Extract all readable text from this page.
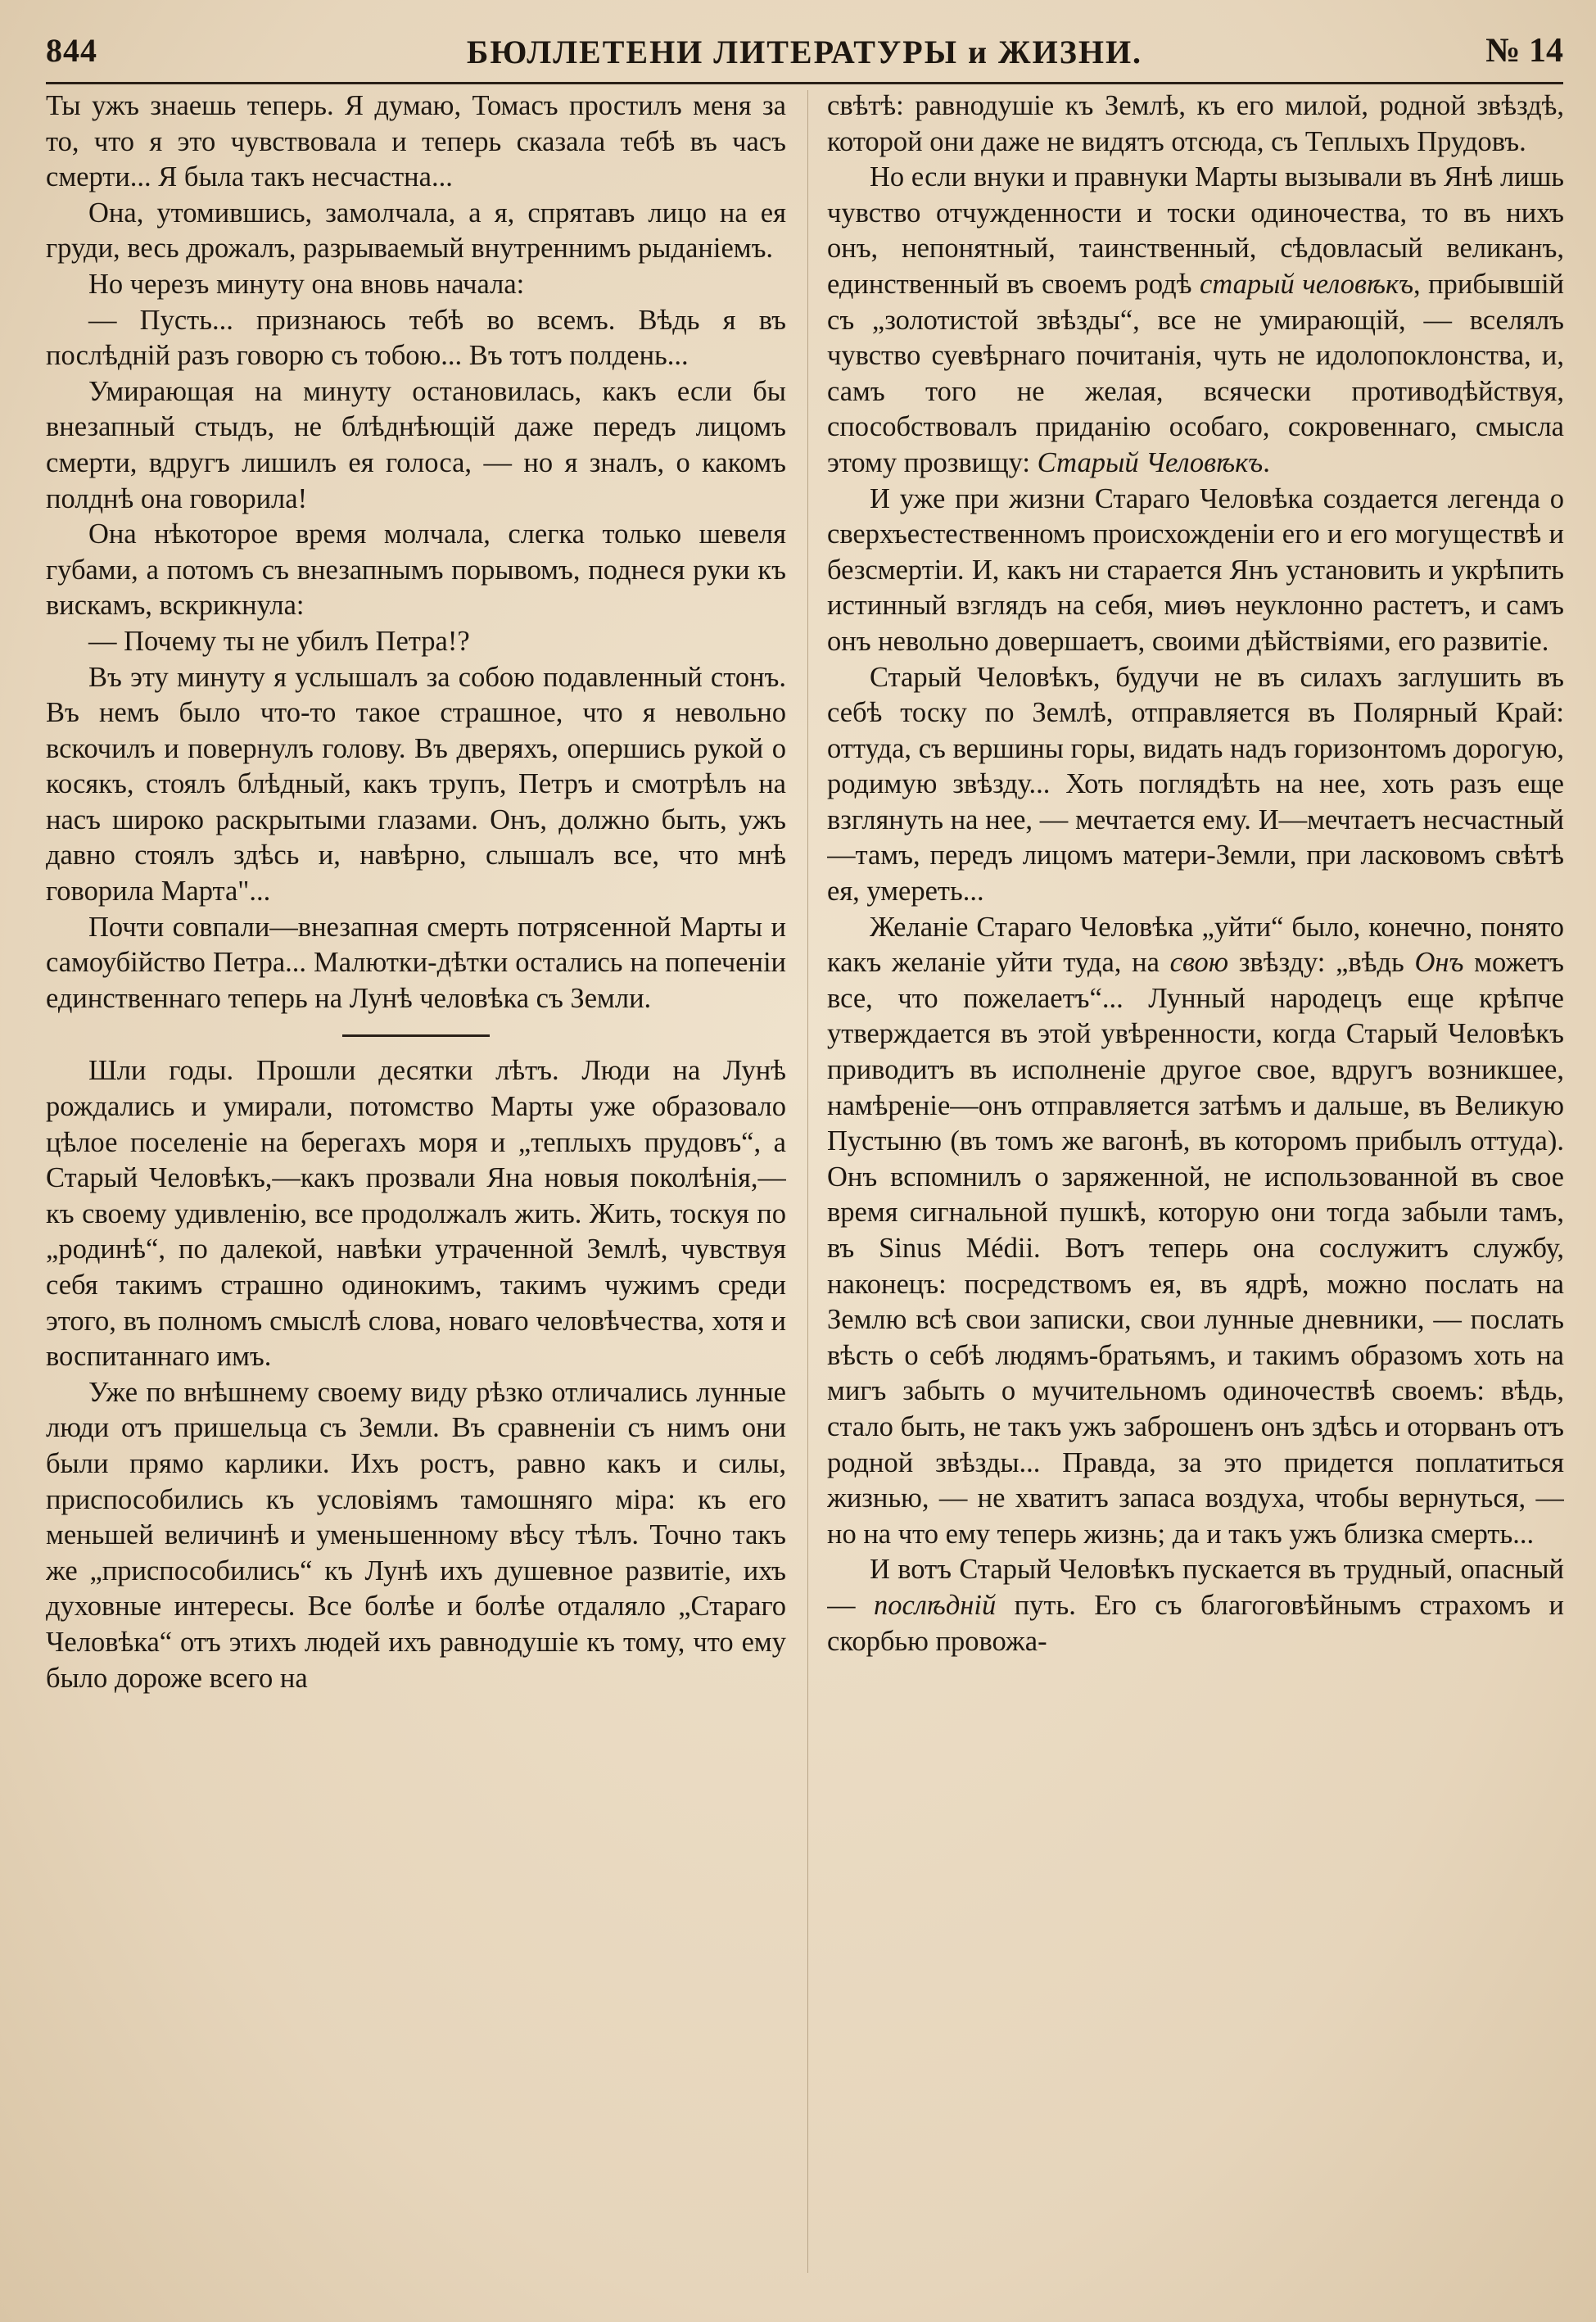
844	БЮЛЛЕТЕНИ ЛИТЕРАТУРЫ и ЖИЗНИ.	№ 14

Ты ужъ знаешь теперь. Я думаю, Томасъ простилъ меня за то, что я это чувствовала и теперь сказала тебѣ въ часъ смерти... Я была такъ несчастна...

Она, утомившись, замолчала, а я, спрятавъ лицо на ея груди, весь дрожалъ, разрываемый внутреннимъ рыданіемъ.

Но черезъ минуту она вновь начала:

— Пусть... признаюсь тебѣ во всемъ. Вѣдь я въ послѣдній разъ говорю съ тобою... Въ тотъ полдень...

Умирающая на минуту остановилась, какъ если бы внезапный стыдъ, не блѣднѣющій даже передъ лицомъ смерти, вдругъ лишилъ ея голоса, — но я зналъ, о какомъ полднѣ она говорила!

Она нѣкоторое время молчала, слегка только шевеля губами, а потомъ съ внезапнымъ порывомъ, поднеся руки къ вискамъ, вскрикнула:

— Почему ты не убилъ Петра!?

Въ эту минуту я услышалъ за собою подавленный стонъ. Въ немъ было что-то такое страшное, что я невольно вскочилъ и повернулъ голову. Въ дверяхъ, опершись рукой о косякъ, стоялъ блѣдный, какъ трупъ, Петръ и смотрѣлъ на насъ широко раскрытыми глазами. Онъ, должно быть, ужъ давно стоялъ здѣсь и, навѣрно, слышалъ все, что мнѣ говорила Марта"...

Почти совпали—внезапная смерть потрясенной Марты и самоубійство Петра... Малютки-дѣтки остались на попеченіи единственнаго теперь на Лунѣ человѣка съ Земли.

Шли годы. Прошли десятки лѣтъ. Люди на Лунѣ рождались и умирали, потомство Марты уже образовало цѣлое поселеніе на берегахъ моря и „теплыхъ прудовъ“, а Старый Человѣкъ,—какъ прозвали Яна новыя поколѣнія,—къ своему удивленію, все продолжалъ жить. Жить, тоскуя по „родинѣ“, по далекой, навѣки утраченной Землѣ, чувствуя себя такимъ страшно одинокимъ, такимъ чужимъ среди этого, въ полномъ смыслѣ слова, новаго человѣчества, хотя и воспитаннаго имъ.

Уже по внѣшнему своему виду рѣзко отличались лунные люди отъ пришельца съ Земли. Въ сравненіи съ нимъ они были прямо карлики. Ихъ ростъ, равно какъ и силы, приспособились къ условіямъ тамошняго міра: къ его меньшей величинѣ и уменьшенному вѣсу тѣлъ. Точно такъ же „приспособились“ къ Лунѣ ихъ душевное развитіе, ихъ духовные интересы. Все болѣе и болѣе отдаляло „Стараго Человѣка“ отъ этихъ людей ихъ равнодушіе къ тому, что ему было дороже всего на

свѣтѣ: равнодушіе къ Землѣ, къ его милой, родной звѣздѣ, которой они даже не видятъ отсюда, съ Теплыхъ Прудовъ.

Но если внуки и правнуки Марты вызывали въ Янѣ лишь чувство отчужденности и тоски одиночества, то въ нихъ онъ, непонятный, таинственный, сѣдовласый великанъ, единственный въ своемъ родѣ старый человѣкъ, прибывшій съ „золотистой звѣзды“, все не умирающій, — вселялъ чувство суевѣрнаго почитанія, чуть не идолопоклонства, и, самъ того не желая, всячески противодѣйствуя, способствовалъ приданію особаго, сокровеннаго, смысла этому прозвищу: Старый Человѣкъ.

И уже при жизни Стараго Человѣка создается легенда о сверхъестественномъ происхожденіи его и его могуществѣ и безсмертіи. И, какъ ни старается Янъ установить и укрѣпить истинный взглядъ на себя, миѳъ неуклонно растетъ, и самъ онъ невольно довершаетъ, своими дѣйствіями, его развитіе.

Старый Человѣкъ, будучи не въ силахъ заглушить въ себѣ тоску по Землѣ, отправляется въ Полярный Край: оттуда, съ вершины горы, видать надъ горизонтомъ дорогую, родимую звѣзду... Хоть поглядѣть на нее, хоть разъ еще взглянуть на нее, — мечтается ему. И—мечтаетъ несчастный—тамъ, передъ лицомъ матери-Земли, при ласковомъ свѣтѣ ея, умереть...

Желаніе Стараго Человѣка „уйти“ было, конечно, понято какъ желаніе уйти туда, на свою звѣзду: „вѣдь Онъ можетъ все, что пожелаетъ“... Лунный народецъ еще крѣпче утверждается въ этой увѣренности, когда Старый Человѣкъ приводитъ въ исполненіе другое свое, вдругъ возникшее, намѣреніе—онъ отправляется затѣмъ и дальше, въ Великую Пустыню (въ томъ же вагонѣ, въ которомъ прибылъ оттуда). Онъ вспомнилъ о заряженной, не использованной въ свое время сигнальной пушкѣ, которую они тогда забыли тамъ, въ Sinus Médii. Вотъ теперь она сослужитъ службу, наконецъ: посредствомъ ея, въ ядрѣ, можно послать на Землю всѣ свои записки, свои лунные дневники, — послать вѣсть о себѣ людямъ-братьямъ, и такимъ образомъ хоть на мигъ забыть о мучительномъ одиночествѣ своемъ: вѣдь, стало быть, не такъ ужъ заброшенъ онъ здѣсь и оторванъ отъ родной звѣзды... Правда, за это придется поплатиться жизнью, — не хватитъ запаса воздуха, чтобы вернуться, — но на что ему теперь жизнь; да и такъ ужъ близка смерть...

И вотъ Старый Человѣкъ пускается въ трудный, опасный — послѣдній путь. Его съ благоговѣйнымъ страхомъ и скорбью провожа-
